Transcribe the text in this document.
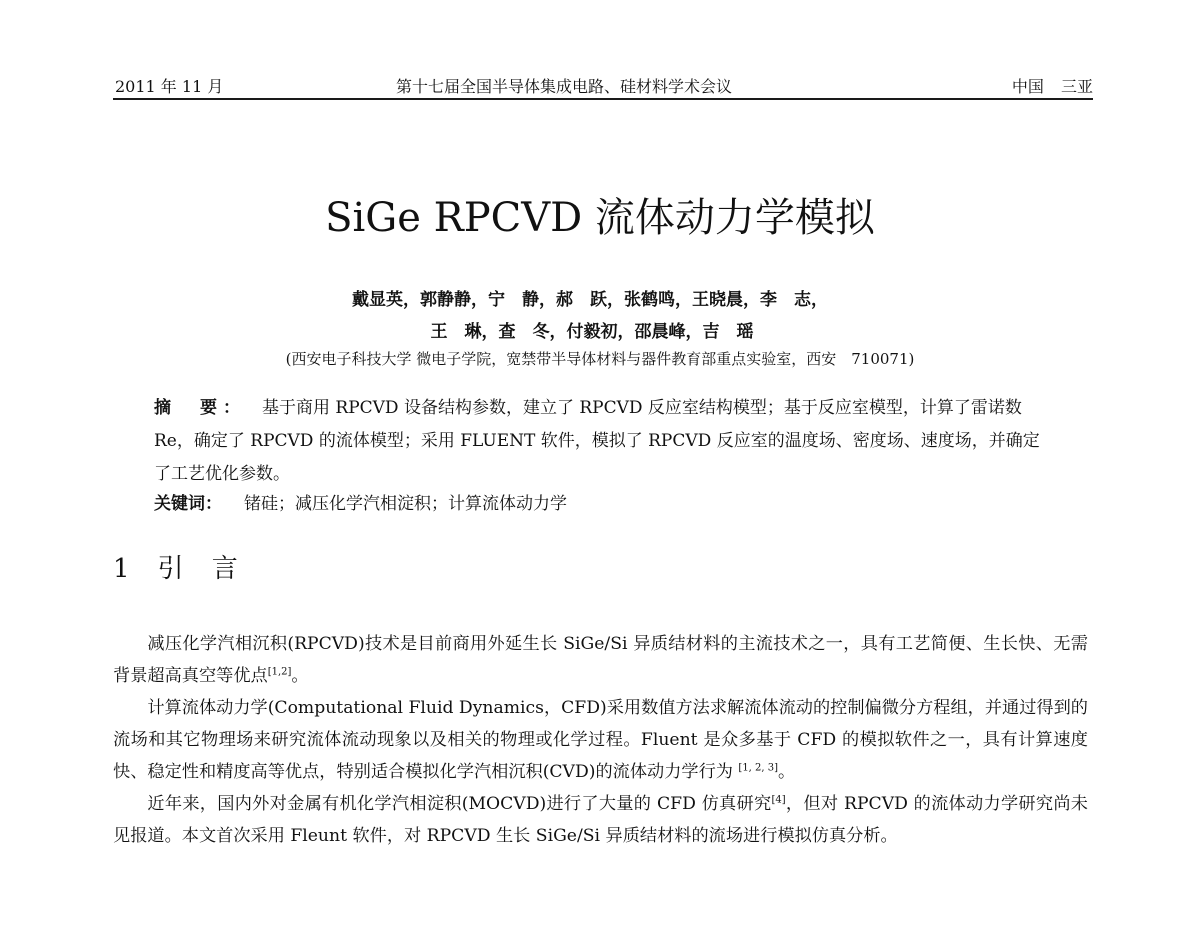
2011 年 11 月	第十七届全国半导体集成电路、硅材料学术会议	中国 三亚
SiGe RPCVD 流体动力学模拟
戴显英，郭静静，宁　静，郝　跃，张鹤鸣，王晓晨，李　志，
王　琳，查　冬，付毅初，邵晨峰，吉　瑶
(西安电子科技大学 微电子学院，宽禁带半导体材料与器件教育部重点实验室，西安　710071)
摘　要： 基于商用 RPCVD 设备结构参数，建立了 RPCVD 反应室结构模型；基于反应室模型，计算了雷诺数 Re，确定了 RPCVD 的流体模型；采用 FLUENT 软件，模拟了 RPCVD 反应室的温度场、密度场、速度场，并确定了工艺优化参数。
关键词： 锗硅；减压化学汽相淀积；计算流体动力学
1 引 言

减压化学汽相沉积(RPCVD)技术是目前商用外延生长 SiGe/Si 异质结材料的主流技术之一，具有工艺简便、生长快、无需背景超高真空等优点[1,2]。

计算流体动力学(Computational Fluid Dynamics，CFD)采用数值方法求解流体流动的控制偏微分方程组，并通过得到的流场和其它物理场来研究流体流动现象以及相关的物理或化学过程。Fluent 是众多基于 CFD 的模拟软件之一，具有计算速度快、稳定性和精度高等优点，特别适合模拟化学汽相沉积(CVD)的流体动力学行为 [1, 2, 3]。

近年来，国内外对金属有机化学汽相淀积(MOCVD)进行了大量的 CFD 仿真研究[4]，但对 RPCVD 的流体动力学研究尚未见报道。本文首次采用 Fleunt 软件，对 RPCVD 生长 SiGe/Si 异质结材料的流场进行模拟仿真分析。
